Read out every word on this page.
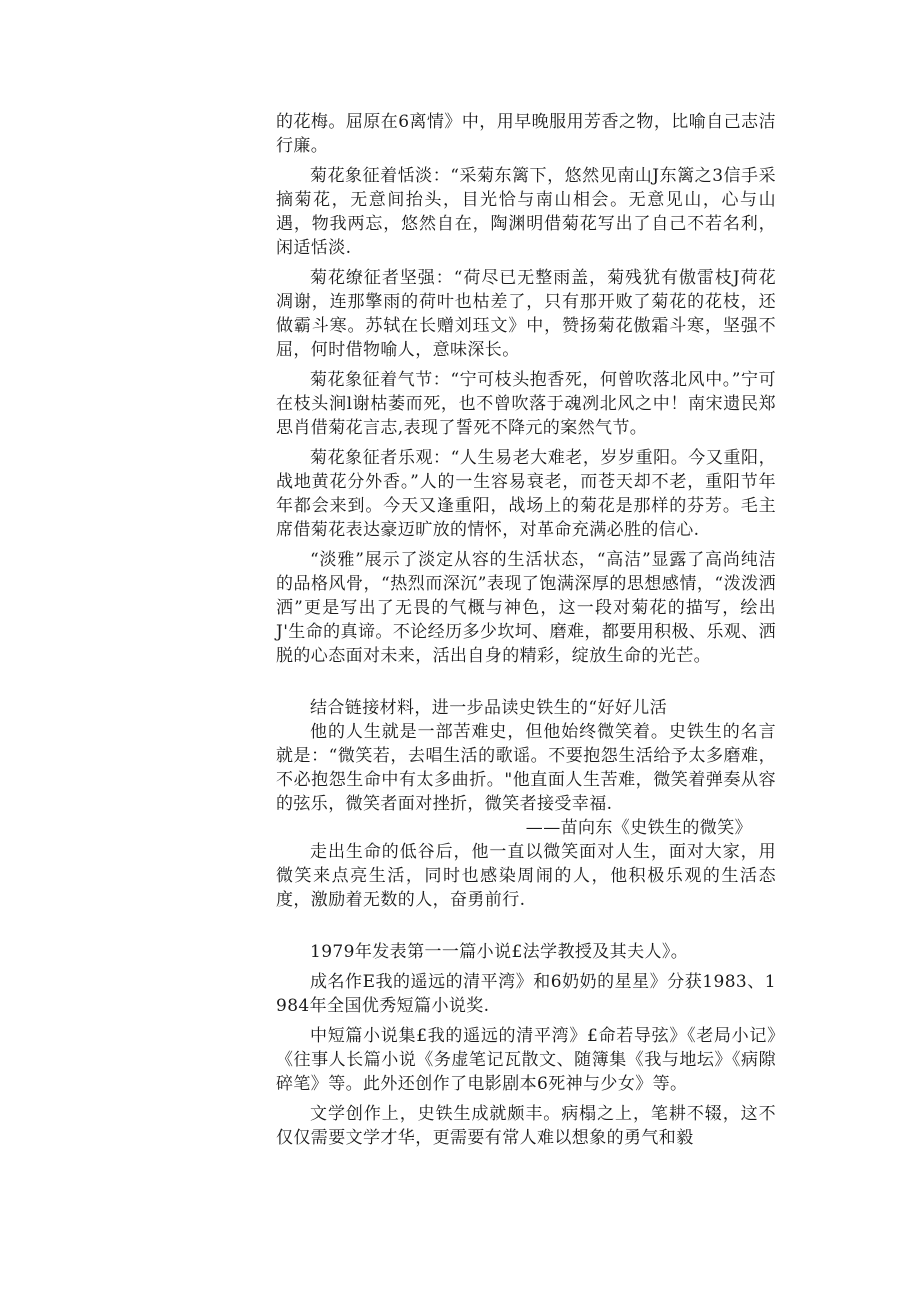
的花梅。屈原在6离情》中，用早晚服用芳香之物，比喻自己志洁行廉。

菊花象征着恬淡：“采菊东篱下，悠然见南山J东篱之3信手采摘菊花，无意间抬头，目光恰与南山相会。无意见山，心与山遇，物我两忘，悠然自在，陶渊明借菊花写出了自己不若名利，闲适恬淡.

菊花缭征者坚强：“荷尽已无整雨盖，菊残犹有傲雷枝J荷花凋谢，连那擎雨的荷叶也枯差了，只有那开败了菊花的花枝，还做霸斗寒。苏轼在长赠刘珏文》中，赞扬菊花傲霜斗寒，坚强不屈，何时借物喻人，意味深长。

菊花象征着气节：“宁可枝头抱香死，何曾吹落北风中。”宁可在枝头涧l谢枯萎而死，也不曾吹落于魂冽北风之中！南宋遗民郑思肖借菊花言志,表现了誓死不降元的案然气节。

菊花象征者乐观：“人生易老大难老，岁岁重阳。今又重阳，战地黄花分外香。”人的一生容易衰老，而苍天却不老，重阳节年年都会来到。今天又逢重阳，战场上的菊花是那样的芬芳。毛主席借菊花表达豪迈旷放的情怀，对革命充满必胜的信心.

“淡雅”展示了淡定从容的生活状态，“高洁”显露了高尚纯洁的品格风骨，“热烈而深沉”表现了饱满深厚的思想感情，“泼泼洒洒”更是写出了无畏的气概与神色，这一段对菊花的描写，绘出J'生命的真谛。不论经历多少坎坷、磨难，都要用积极、乐观、洒脱的心态面对未来，活出自身的精彩，绽放生命的光芒。

结合链接材料，进一步品读史铁生的“好好儿活

他的人生就是一部苦难史，但他始终微笑着。史铁生的名言就是：“微笑若，去唱生活的歌谣。不要抱怨生活给予太多磨难，不必抱怨生命中有太多曲折。"他直面人生苦难，微笑着弹奏从容的弦乐，微笑者面对挫折，微笑者接受幸福.

——苗向东《史铁生的微笑》

走出生命的低谷后，他一直以微笑面对人生，面对大家，用微笑来点亮生活，同时也感染周闹的人，他积极乐观的生活态度，激励着无数的人，奋勇前行.

1979年发表第一一篇小说£法学教授及其夫人》。

成名作E我的遥远的清平湾》和6奶奶的星星》分获1983、1984年全国优秀短篇小说奖.

中短篇小说集£我的遥远的清平湾》£命若导弦》《老局小记》《往事人长篇小说《务虚笔记瓦散文、随簿集《我与地坛》《病隙碎笔》等。此外还创作了电影剧本6死神与少女》等。

文学创作上，史铁生成就颇丰。病榻之上，笔耕不辍，这不仅仅需要文学才华，更需要有常人难以想象的勇气和毅
